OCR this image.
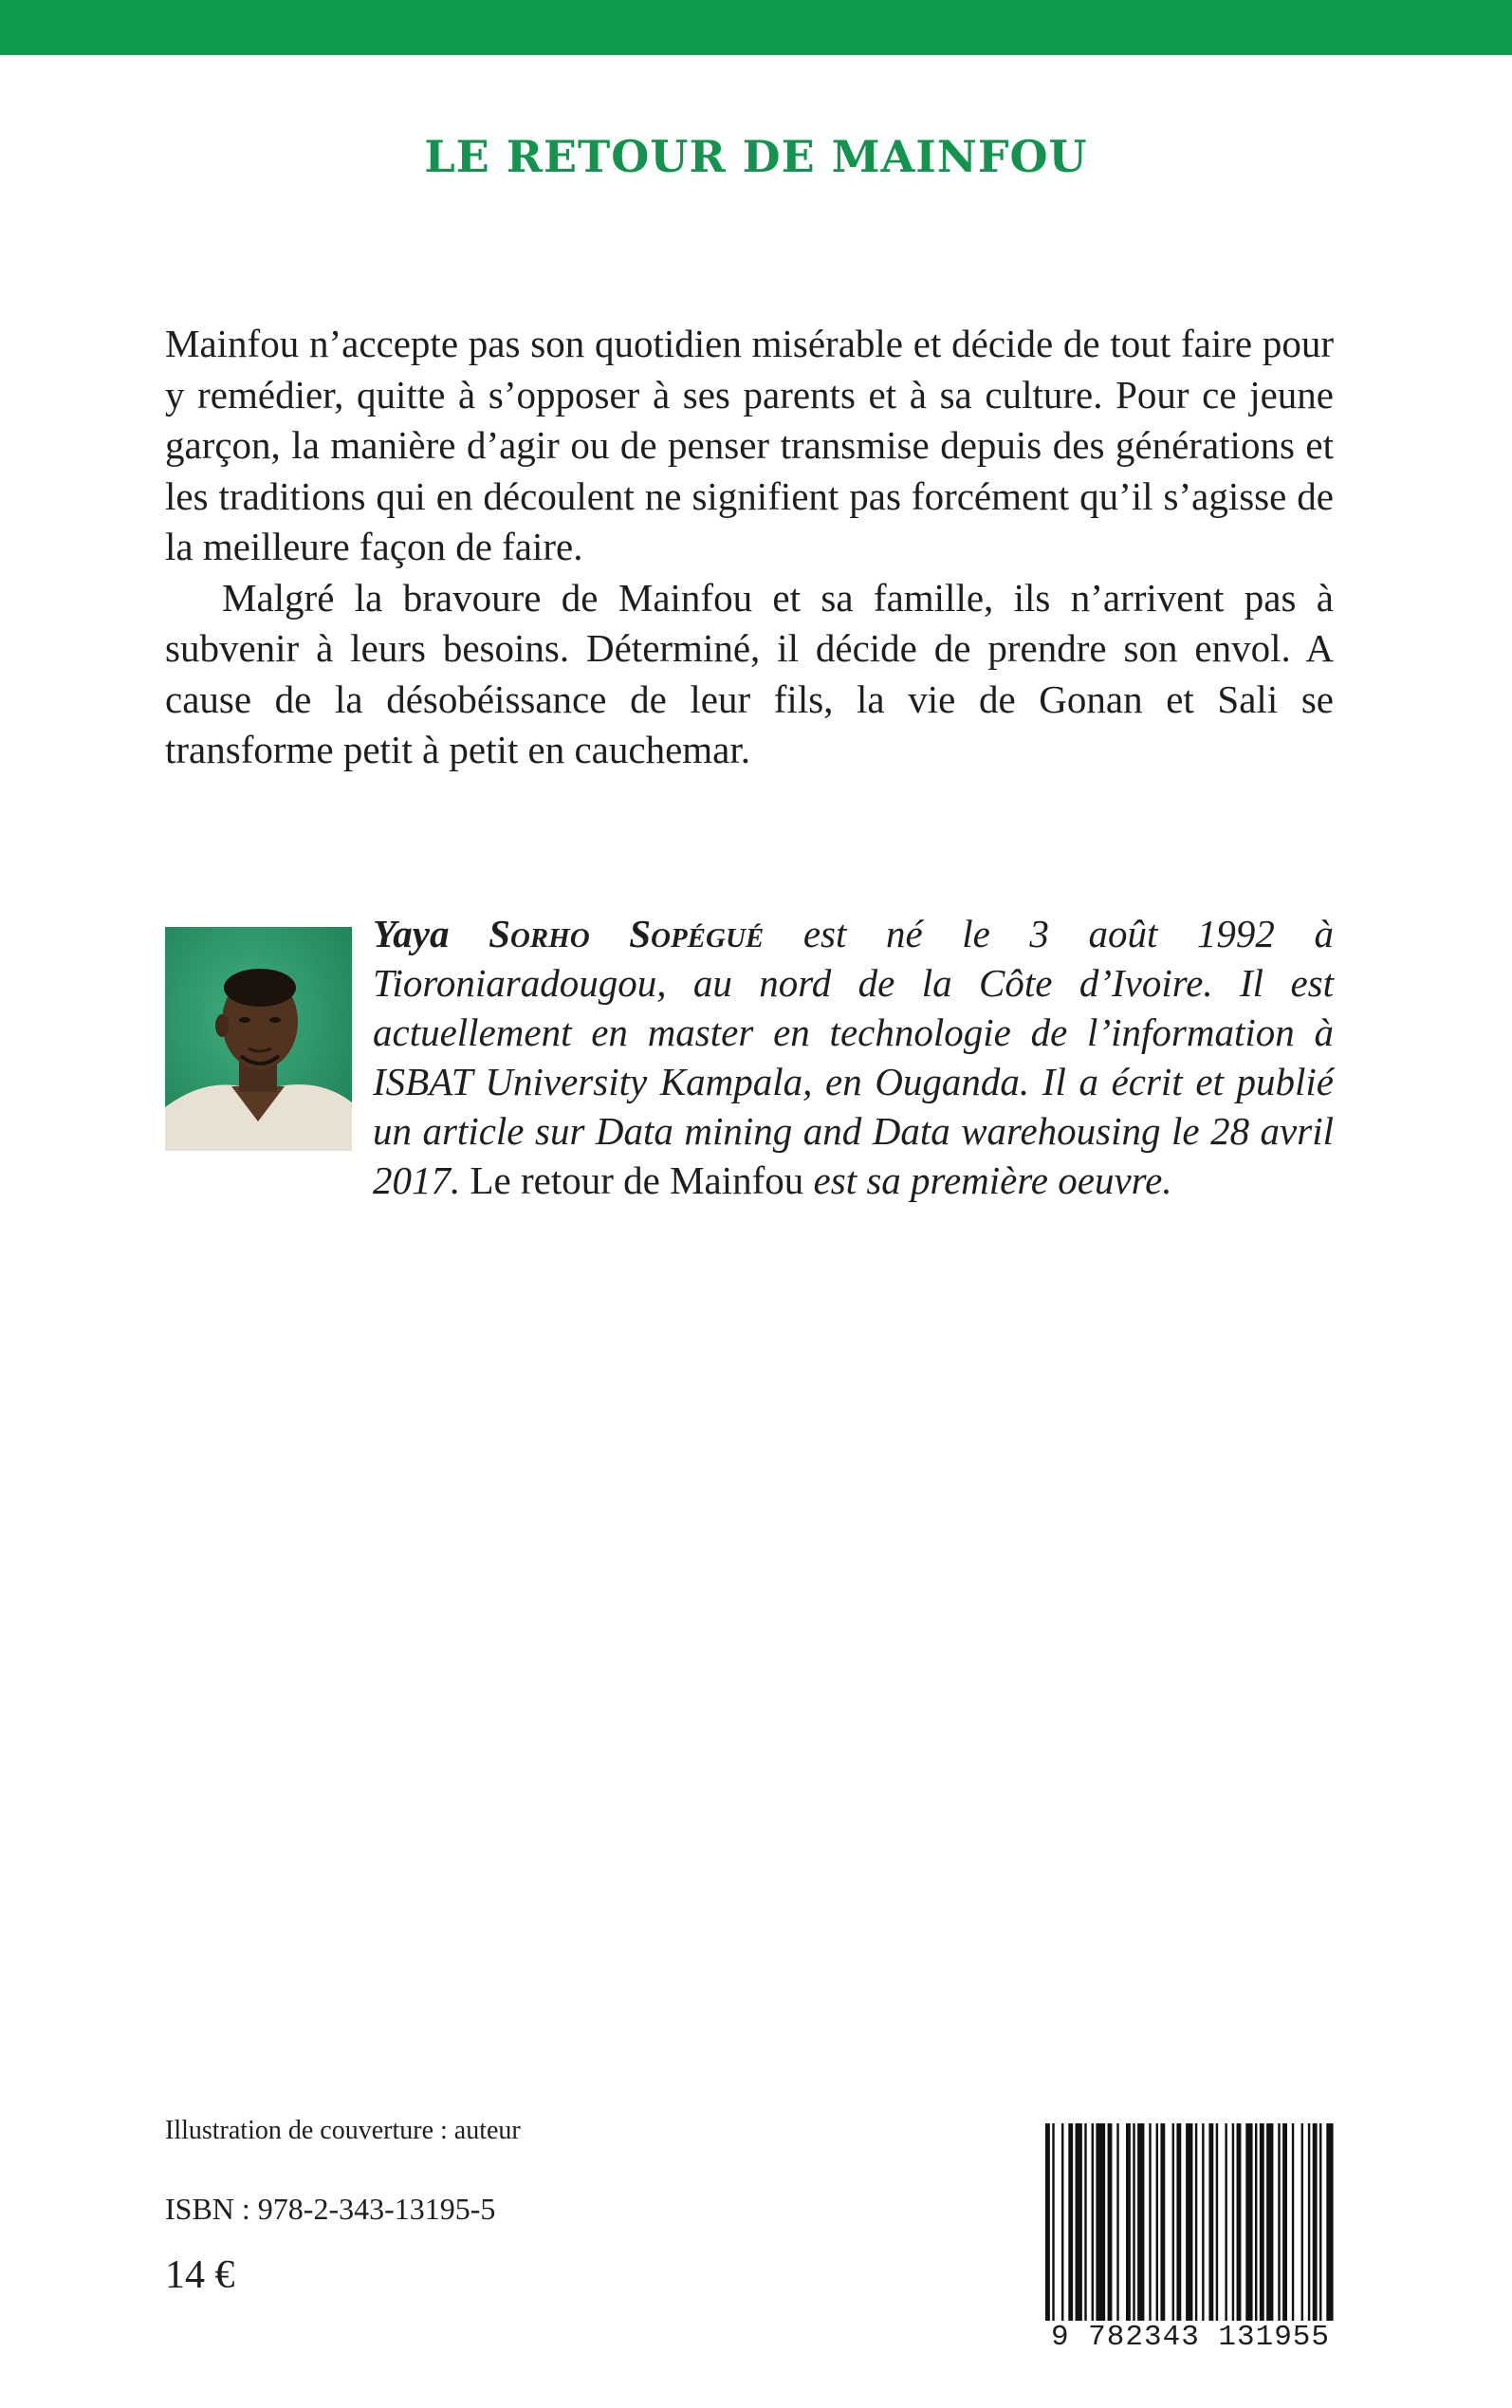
LE RETOUR DE MAINFOU

Mainfou n’accepte pas son quotidien misérable et décide de tout faire pour y remédier, quitte à s’opposer à ses parents et à sa culture. Pour ce jeune garçon, la manière d’agir ou de penser transmise depuis des générations et les traditions qui en découlent ne signifient pas forcément qu’il s’agisse de la meilleure façon de faire.

Malgré la bravoure de Mainfou et sa famille, ils n’arrivent pas à subvenir à leurs besoins. Déterminé, il décide de prendre son envol. A cause de la désobéissance de leur fils, la vie de Gonan et Sali se transforme petit à petit en cauchemar.

Yaya Sorho Sopégué est né le 3 août 1992 à Tioroniaradougou, au nord de la Côte d’Ivoire. Il est actuellement en master en technologie de l’information à ISBAT University Kampala, en Ouganda. Il a écrit et publié un article sur Data mining and Data warehousing le 28 avril 2017. Le retour de Mainfou est sa première oeuvre.

Illustration de couverture : auteur

ISBN : 978-2-343-13195-5

14 €

9 782343 131955
